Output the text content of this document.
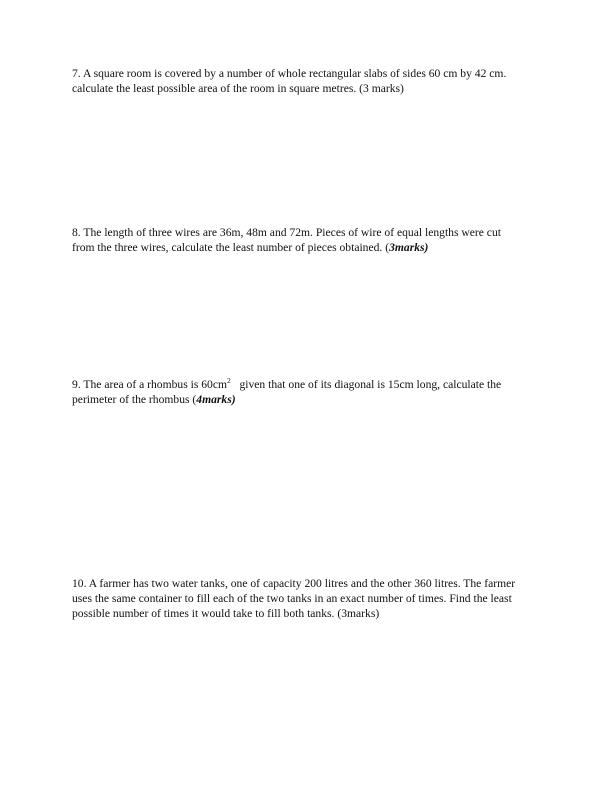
7. A square room is covered by a number of whole rectangular slabs of sides 60 cm by 42 cm.
calculate the least possible area of the room in square metres. (3 marks)
8. The length of three wires are 36m, 48m and 72m. Pieces of wire of equal lengths were cut
from the three wires, calculate the least number of pieces obtained. (3marks)
9. The area of a rhombus is $60cm^2$ given that one of its diagonal is 15cm long, calculate the
perimeter of the rhombus (4marks)
10. A farmer has two water tanks, one of capacity 200 litres and the other 360 litres. The farmer
uses the same container to fill each of the two tanks in an exact number of times. Find the least
possible number of times it would take to fill both tanks. (3marks)
